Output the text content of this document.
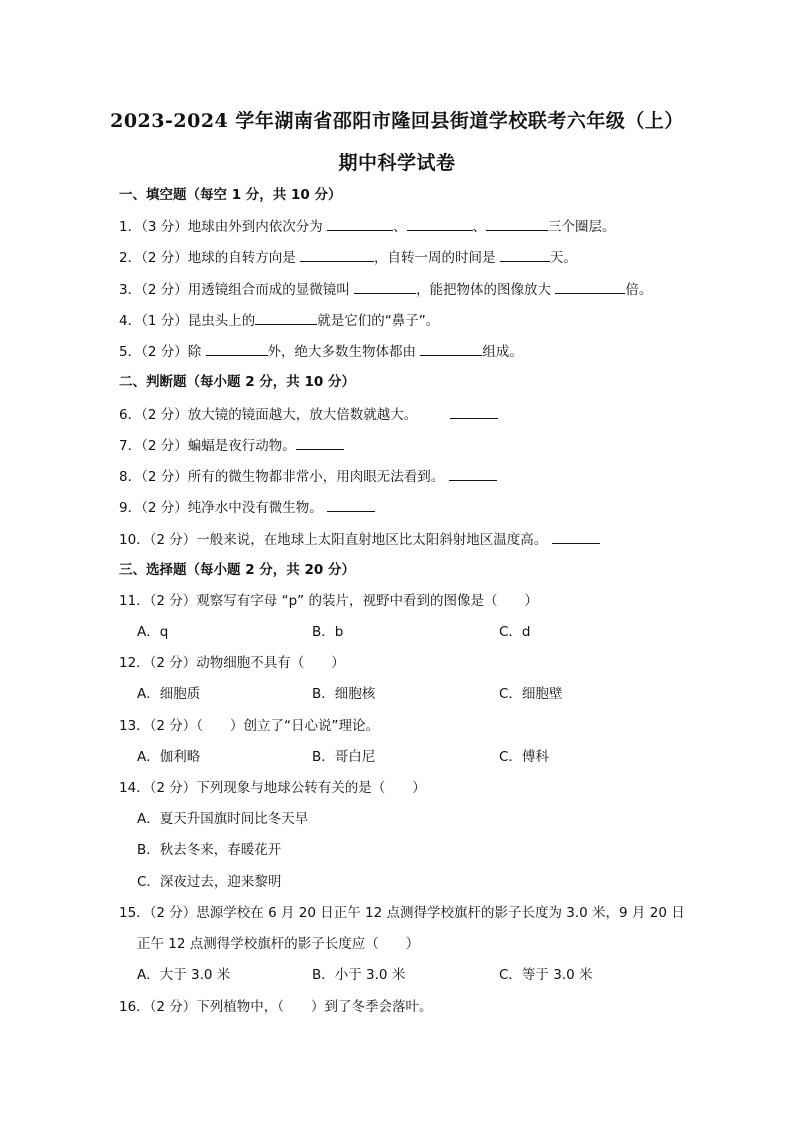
2023-2024 学年湖南省邵阳市隆回县街道学校联考六年级（上）
期中科学试卷
一、填空题（每空 1 分，共 10 分）
1．（3 分）地球由外到内依次分为	、	、	三个圈层。
2．（2 分）地球的自转方向是	，自转一周的时间是	天。
3．（2 分）用透镜组合而成的显微镜叫	，能把物体的图像放大	倍。
4．（1 分）昆虫头上的	就是它们的“鼻子”。
5．（2 分）除	外，绝大多数生物体都由	组成。
二、判断题（每小题 2 分，共 10 分）
6．（2 分）放大镜的镜面越大，放大倍数就越大。
7．（2 分）蝙蝠是夜行动物。
8．（2 分）所有的微生物都非常小，用肉眼无法看到。
9．（2 分）纯净水中没有微生物。
10．（2 分）一般来说，在地球上太阳直射地区比太阳斜射地区温度高。
三、选择题（每小题 2 分，共 20 分）
11．（2 分）观察写有字母 “p” 的装片，视野中看到的图像是（　　）
A．q	B．b	C．d
12．（2 分）动物细胞不具有（　　）
A．细胞质	B．细胞核	C．细胞壁
13．（2 分）（　　）创立了“日心说”理论。
A．伽利略	B．哥白尼	C．傅科
14．（2 分）下列现象与地球公转有关的是（　　）
A．夏天升国旗时间比冬天早
B．秋去冬来，春暖花开
C．深夜过去，迎来黎明
15．（2 分）思源学校在 6 月 20 日正午 12 点测得学校旗杆的影子长度为 3.0 米，9 月 20 日
正午 12 点测得学校旗杆的影子长度应（　　）
A．大于 3.0 米	B．小于 3.0 米	C．等于 3.0 米
16．（2 分）下列植物中，（　　）到了冬季会落叶。
